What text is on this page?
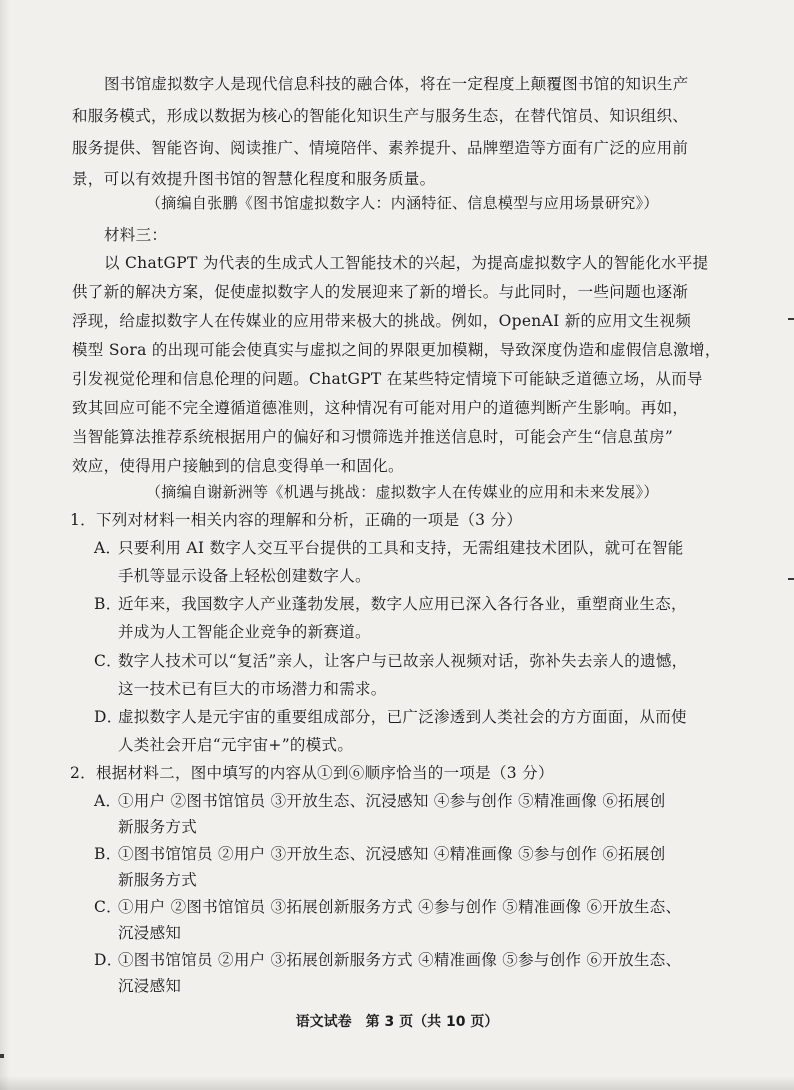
图书馆虚拟数字人是现代信息科技的融合体，将在一定程度上颠覆图书馆的知识生产
和服务模式，形成以数据为核心的智能化知识生产与服务生态，在替代馆员、知识组织、
服务提供、智能咨询、阅读推广、情境陪伴、素养提升、品牌塑造等方面有广泛的应用前
景，可以有效提升图书馆的智慧化程度和服务质量。
（摘编自张鹏《图书馆虚拟数字人：内涵特征、信息模型与应用场景研究》）
材料三：
以 ChatGPT 为代表的生成式人工智能技术的兴起，为提高虚拟数字人的智能化水平提
供了新的解决方案，促使虚拟数字人的发展迎来了新的增长。与此同时，一些问题也逐渐
浮现，给虚拟数字人在传媒业的应用带来极大的挑战。例如，OpenAI 新的应用文生视频
模型 Sora 的出现可能会使真实与虚拟之间的界限更加模糊，导致深度伪造和虚假信息激增，
引发视觉伦理和信息伦理的问题。ChatGPT 在某些特定情境下可能缺乏道德立场，从而导
致其回应可能不完全遵循道德准则，这种情况有可能对用户的道德判断产生影响。再如，
当智能算法推荐系统根据用户的偏好和习惯筛选并推送信息时，可能会产生“信息茧房”
效应，使得用户接触到的信息变得单一和固化。
（摘编自谢新洲等《机遇与挑战：虚拟数字人在传媒业的应用和未来发展》）
1．下列对材料一相关内容的理解和分析，正确的一项是（3 分）
A．只要利用 AI 数字人交互平台提供的工具和支持，无需组建技术团队，就可在智能
手机等显示设备上轻松创建数字人。
B．近年来，我国数字人产业蓬勃发展，数字人应用已深入各行各业，重塑商业生态，
并成为人工智能企业竞争的新赛道。
C．数字人技术可以“复活”亲人，让客户与已故亲人视频对话，弥补失去亲人的遗憾，
这一技术已有巨大的市场潜力和需求。
D．虚拟数字人是元宇宙的重要组成部分，已广泛渗透到人类社会的方方面面，从而使
人类社会开启“元宇宙+”的模式。
2．根据材料二，图中填写的内容从①到⑥顺序恰当的一项是（3 分）
A．①用户 ②图书馆馆员 ③开放生态、沉浸感知 ④参与创作 ⑤精准画像 ⑥拓展创
新服务方式
B．①图书馆馆员 ②用户 ③开放生态、沉浸感知 ④精准画像 ⑤参与创作 ⑥拓展创
新服务方式
C．①用户 ②图书馆馆员 ③拓展创新服务方式 ④参与创作 ⑤精准画像 ⑥开放生态、
沉浸感知
D．①图书馆馆员 ②用户 ③拓展创新服务方式 ④精准画像 ⑤参与创作 ⑥开放生态、
沉浸感知
语文试卷　第 3 页（共 10 页）
